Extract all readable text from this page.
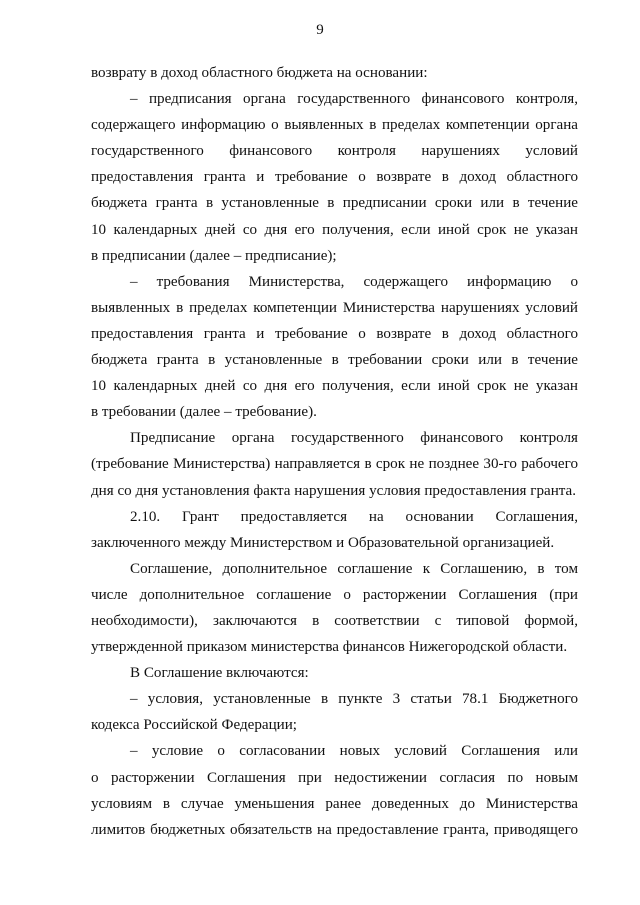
9
возврату в доход областного бюджета на основании:
– предписания органа государственного финансового контроля,
содержащего информацию о выявленных в пределах компетенции органа
государственного финансового контроля нарушениях условий
предоставления гранта и требование о возврате в доход областного
бюджета гранта в установленные в предписании сроки или в течение
10 календарных дней со дня его получения, если иной срок не указан
в предписании (далее – предписание);
– требования Министерства, содержащего информацию о
выявленных в пределах компетенции Министерства нарушениях условий
предоставления гранта и требование о возврате в доход областного
бюджета гранта в установленные в требовании сроки или в течение
10 календарных дней со дня его получения, если иной срок не указан
в требовании (далее – требование).
Предписание органа государственного финансового контроля
(требование Министерства) направляется в срок не позднее 30-го рабочего
дня со дня установления факта нарушения условия предоставления гранта.
2.10. Грант предоставляется на основании Соглашения,
заключенного между Министерством и Образовательной организацией.
Соглашение, дополнительное соглашение к Соглашению, в том
числе дополнительное соглашение о расторжении Соглашения (при
необходимости), заключаются в соответствии с типовой формой,
утвержденной приказом министерства финансов Нижегородской области.
В Соглашение включаются:
– условия, установленные в пункте 3 статьи 78.1 Бюджетного
кодекса Российской Федерации;
– условие о согласовании новых условий Соглашения или
о расторжении Соглашения при недостижении согласия по новым
условиям в случае уменьшения ранее доведенных до Министерства
лимитов бюджетных обязательств на предоставление гранта, приводящего
